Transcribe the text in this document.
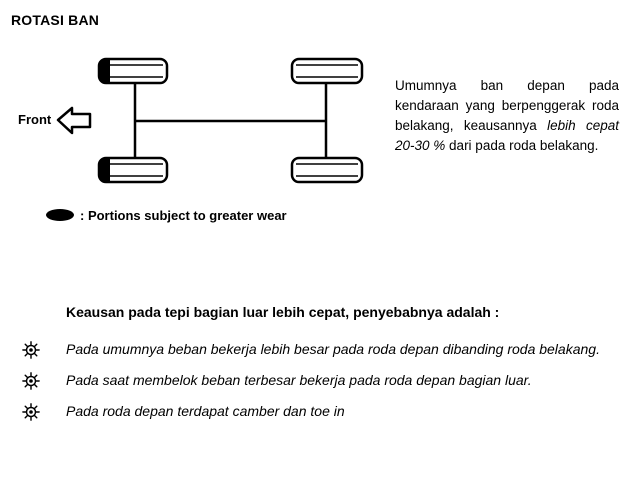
ROTASI BAN
Front
: Portions subject to greater wear
Umumnya ban depan pada kendaraan yang berpenggerak roda belakang, keausannya lebih cepat 20-30 % dari pada roda belakang.
Keausan pada tepi bagian luar lebih cepat, penyebabnya adalah :
Pada umumnya beban bekerja lebih besar pada roda depan dibanding roda belakang.
Pada saat membelok beban terbesar bekerja pada roda depan bagian luar.
Pada roda depan terdapat camber dan toe in
